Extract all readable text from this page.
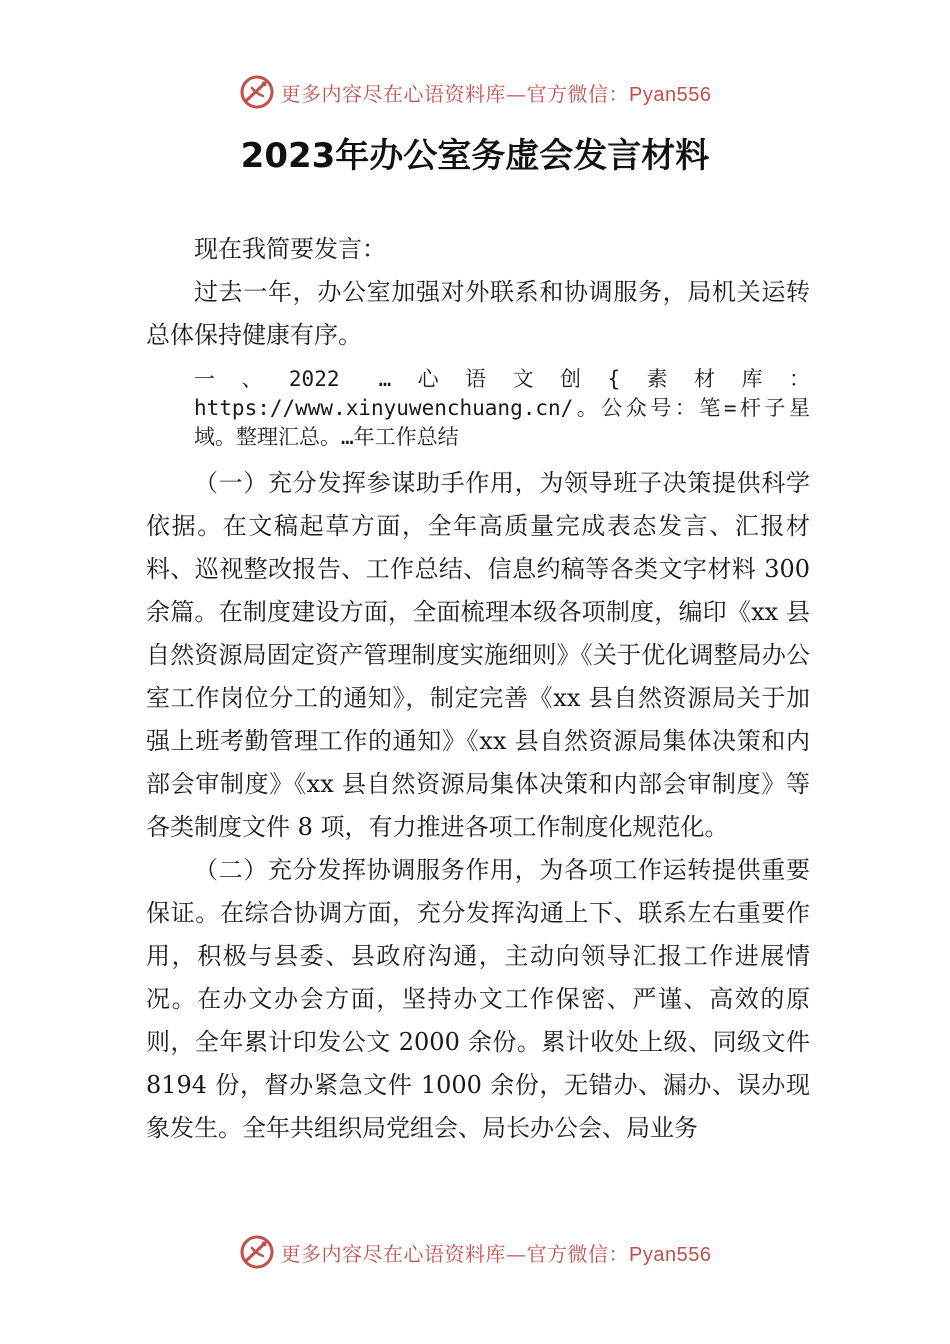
更多内容尽在心语资料库—官方微信：Pyan556
2023年办公室务虚会发言材料

现在我简要发言：

过去一年，办公室加强对外联系和协调服务，局机关运转总体保持健康有序。

一、2022 …心语文创{素材库：https://www.xinyuwenchuang.cn/。公众号：笔=杆子星域。整理汇总。…年工作总结

（一）充分发挥参谋助手作用，为领导班子决策提供科学依据。在文稿起草方面，全年高质量完成表态发言、汇报材料、巡视整改报告、工作总结、信息约稿等各类文字材料 300 余篇。在制度建设方面，全面梳理本级各项制度，编印《xx 县自然资源局固定资产管理制度实施细则》《关于优化调整局办公室工作岗位分工的通知》，制定完善《xx 县自然资源局关于加强上班考勤管理工作的通知》《xx 县自然资源局集体决策和内部会审制度》《xx 县自然资源局集体决策和内部会审制度》等各类制度文件 8 项，有力推进各项工作制度化规范化。

（二）充分发挥协调服务作用，为各项工作运转提供重要保证。在综合协调方面，充分发挥沟通上下、联系左右重要作用，积极与县委、县政府沟通，主动向领导汇报工作进展情况。在办文办会方面，坚持办文工作保密、严谨、高效的原则，全年累计印发公文 2000 余份。累计收处上级、同级文件 8194 份，督办紧急文件 1000 余份，无错办、漏办、误办现象发生。全年共组织局党组会、局长办公会、局业务

更多内容尽在心语资料库—官方微信：Pyan556
